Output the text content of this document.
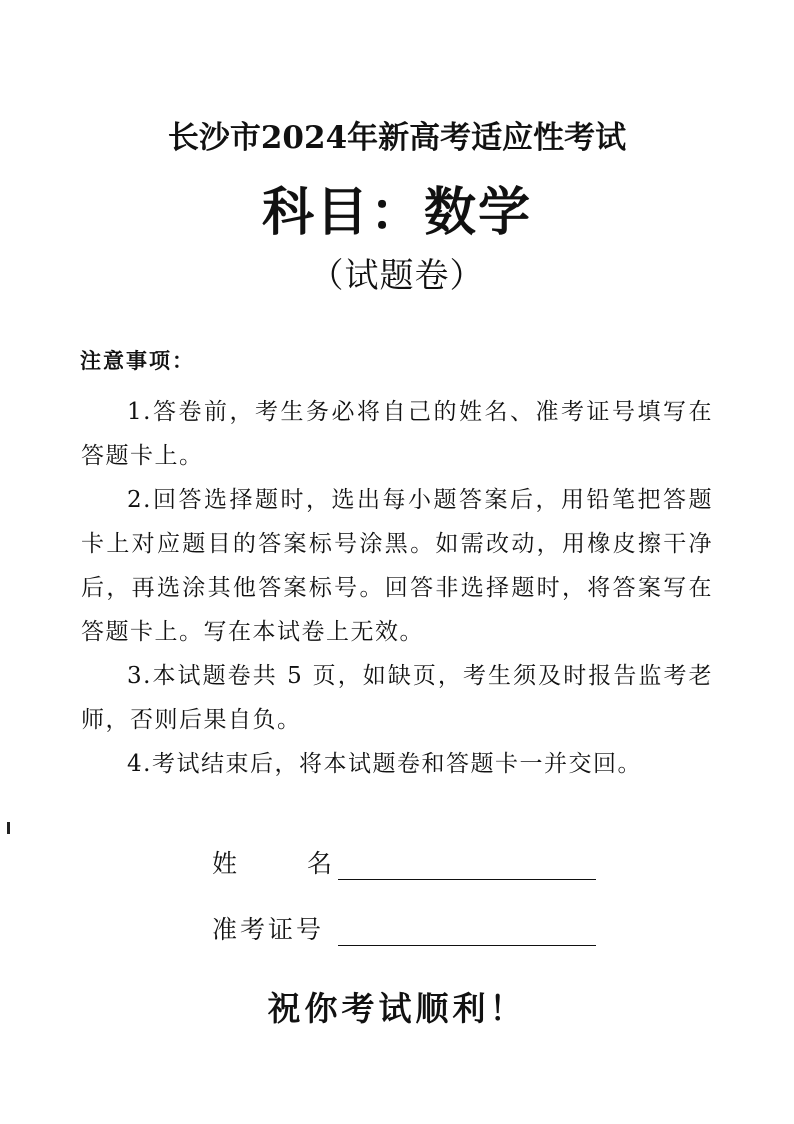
长沙市2024年新高考适应性考试
科目：数学
（试题卷）
注意事项：

1.答卷前，考生务必将自己的姓名、准考证号填写在答题卡上。

2.回答选择题时，选出每小题答案后，用铅笔把答题卡上对应题目的答案标号涂黑。如需改动，用橡皮擦干净后，再选涂其他答案标号。回答非选择题时，将答案写在答题卡上。写在本试卷上无效。

3.本试题卷共 5 页，如缺页，考生须及时报告监考老师，否则后果自负。

4.考试结束后，将本试题卷和答题卡一并交回。

姓	名
准考证号
祝你考试顺利！
